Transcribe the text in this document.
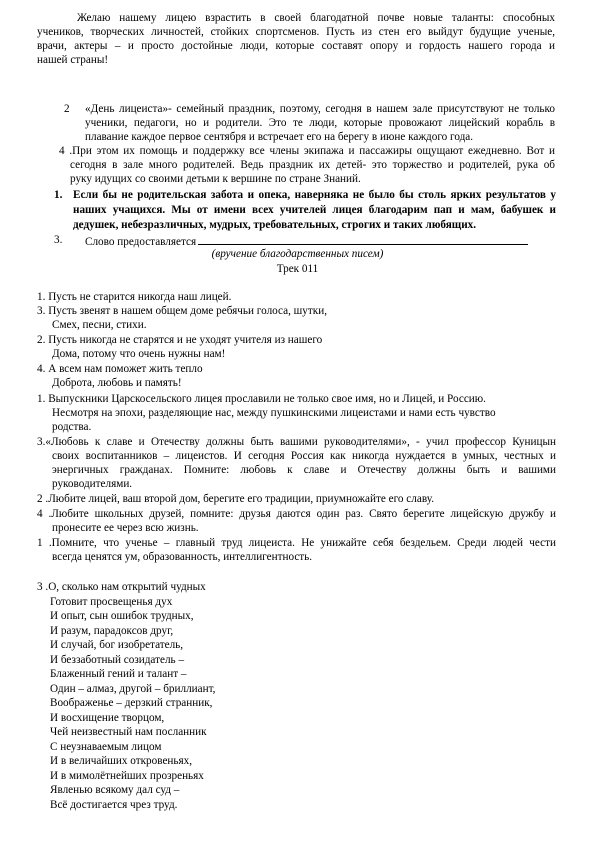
Желаю нашему лицею взрастить в своей благодатной почве новые таланты: способных
учеников, творческих личностей, стойких спортсменов. Пусть из стен его выйдут будущие ученые,
врачи, актеры – и просто достойные люди, которые составят опору и гордость нашего города и
нашей страны!
2 «День лицеиста»- семейный праздник, поэтому, сегодня в нашем зале присутствуют не только
ученики, педагоги, но и родители. Это те люди, которые провожают лицейский корабль в
плавание каждое первое сентября и встречает его на берегу в июне каждого года.
4 .При этом их помощь и поддержку все члены экипажа и пассажиры ощущают ежедневно. Вот и
сегодня в зале много родителей. Ведь праздник их детей- это торжество и родителей, рука об
руку идущих со своими детьми к вершине по стране Знаний.
1. Если бы не родительская забота и опека, наверняка не было бы столь ярких результатов у
наших учащихся. Мы от имени всех учителей лицея благодарим пап и мам, бабушек и
дедушек, небезразличных, мудрых, требовательных, строгих и таких любящих.
3. Слово предоставляется
(вручение благодарственных писем)
Трек 011
1. Пусть не старится никогда наш лицей.
3. Пусть звенят в нашем общем доме ребячьи голоса, шутки,
Смех, песни, стихи.
2. Пусть никогда не старятся и не уходят учителя из нашего
Дома, потому что очень нужны нам!
4. А всем нам поможет жить тепло
Доброта, любовь и память!
1. Выпускники Царскосельского лицея прославили не только свое имя, но и Лицей, и Россию.
Несмотря на эпохи, разделяющие нас, между пушкинскими лицеистами и нами есть чувство
родства.
3.«Любовь к славе и Отечеству должны быть вашими руководителями», - учил профессор Куницын
своих воспитанников – лицеистов. И сегодня Россия как никогда нуждается в умных, честных и
энергичных гражданах. Помните: любовь к славе и Отечеству должны быть и вашими
руководителями.
2 .Любите лицей, ваш второй дом, берегите его традиции, приумножайте его славу.
4 .Любите школьных друзей, помните: друзья даются один раз. Свято берегите лицейскую дружбу и
пронесите ее через всю жизнь.
1 .Помните, что ученье – главный труд лицеиста. Не унижайте себя бездельем. Среди людей чести
всегда ценятся ум, образованность, интеллигентность.
3 .О, сколько нам открытий чудных
Готовит просвещенья дух
И опыт, сын ошибок трудных,
И разум, парадоксов друг,
И случай, бог изобретатель,
И беззаботный созидатель –
Блаженный гений и талант –
Один – алмаз, другой – бриллиант,
Воображенье – дерзкий странник,
И восхищение творцом,
Чей неизвестный нам посланник
С неузнаваемым лицом
И в величайших откровеньях,
И в мимолётнейших прозреньях
Явленью всякому дал суд –
Всё достигается чрез труд.
